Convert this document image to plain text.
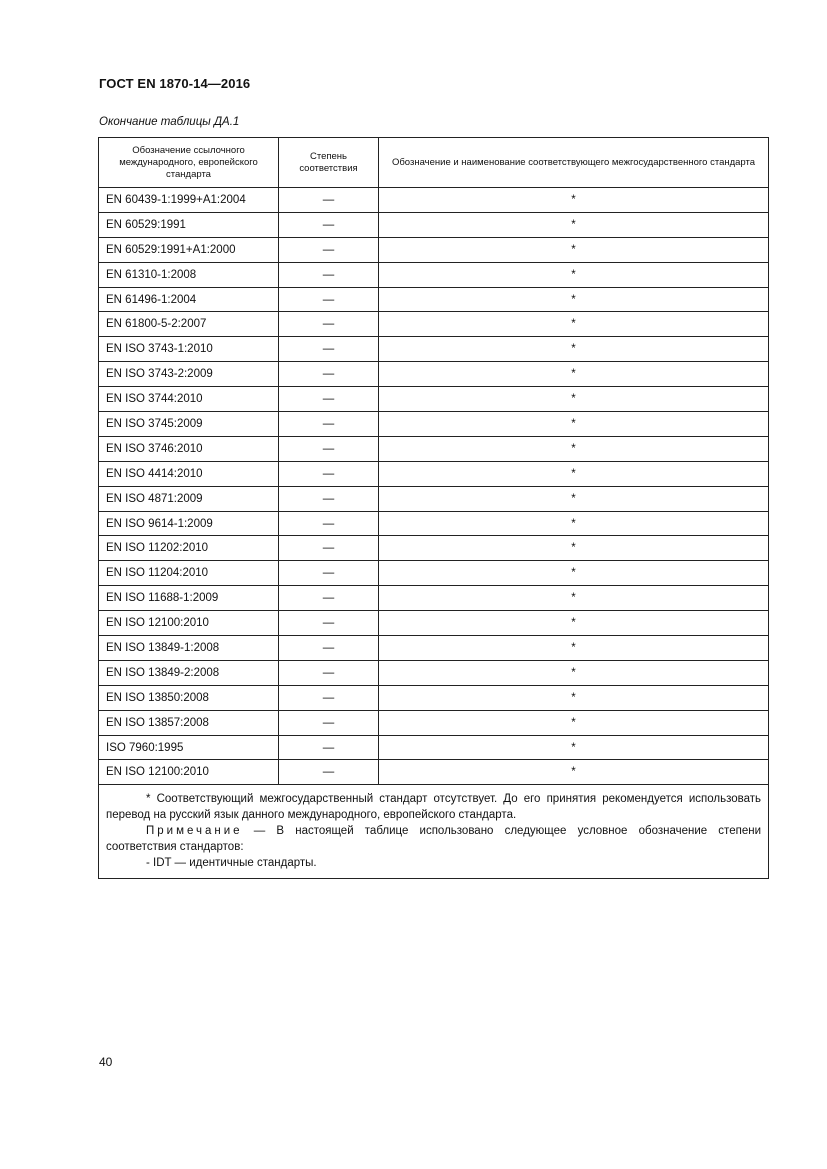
ГОСТ EN 1870-14—2016
Окончание таблицы ДА.1
Обозначение ссылочного международного, европейского стандарта	Степень соответствия	Обозначение и наименование соответствующего межгосударственного стандарта
EN 60439-1:1999+A1:2004	—	*
EN 60529:1991	—	*
EN 60529:1991+A1:2000	—	*
EN 61310-1:2008	—	*
EN 61496-1:2004	—	*
EN 61800-5-2:2007	—	*
EN ISO 3743-1:2010	—	*
EN ISO 3743-2:2009	—	*
EN ISO 3744:2010	—	*
EN ISO 3745:2009	—	*
EN ISO 3746:2010	—	*
EN ISO 4414:2010	—	*
EN ISO 4871:2009	—	*
EN ISO 9614-1:2009	—	*
EN ISO 11202:2010	—	*
EN ISO 11204:2010	—	*
EN ISO 11688-1:2009	—	*
EN ISO 12100:2010	—	*
EN ISO 13849-1:2008	—	*
EN ISO 13849-2:2008	—	*
EN ISO 13850:2008	—	*
EN ISO 13857:2008	—	*
ISO 7960:1995	—	*
EN ISO 12100:2010	—	*

* Соответствующий межгосударственный стандарт отсутствует. До его принятия рекомендуется использовать перевод на русский язык данного международного, европейского стандарта.
Примечание — В настоящей таблице использовано следующее условное обозначение степени соответствия стандартов:
- IDT — идентичные стандарты.		
40
